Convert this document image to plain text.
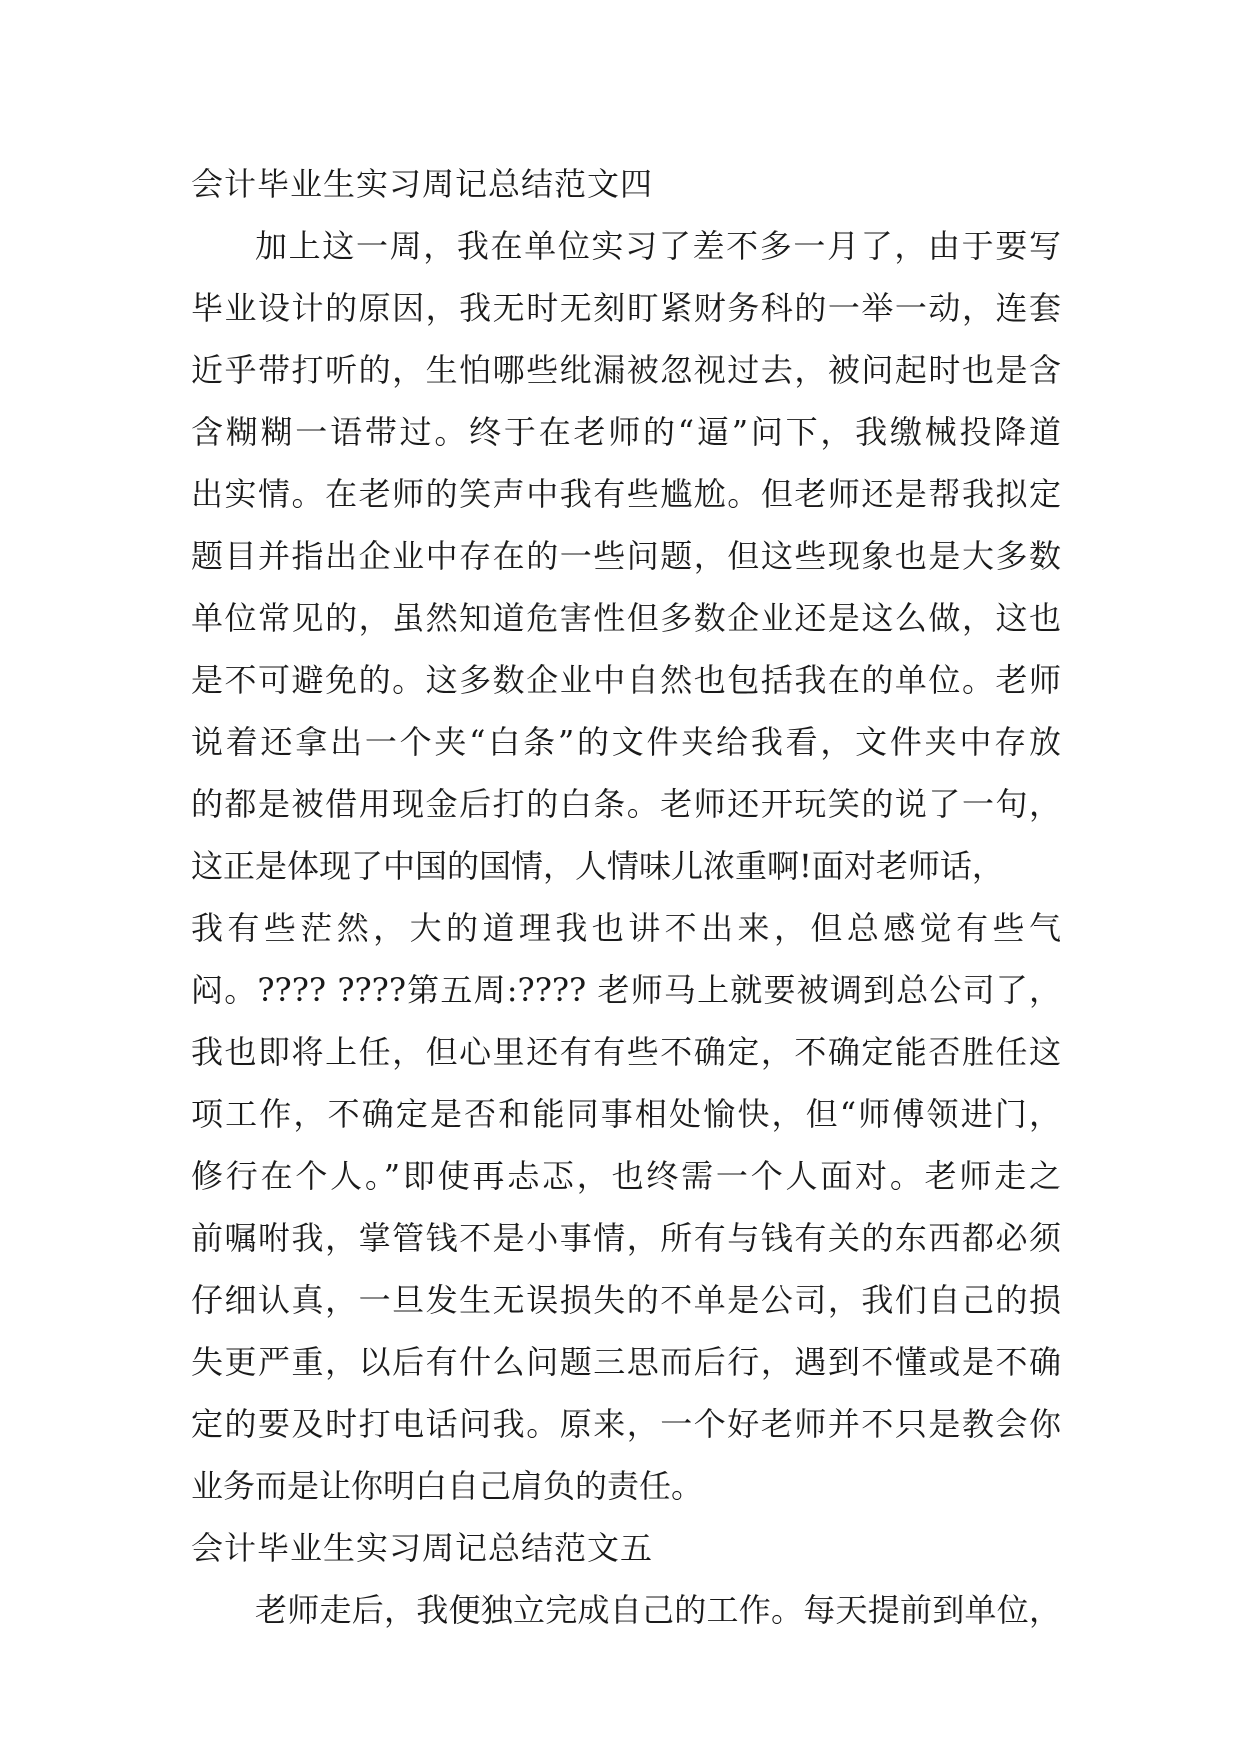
会计毕业生实习周记总结范文四
加上这一周，我在单位实习了差不多一月了，由于要写
毕业设计的原因，我无时无刻盯紧财务科的一举一动，连套
近乎带打听的，生怕哪些纰漏被忽视过去，被问起时也是含
含糊糊一语带过。终于在老师的“逼”问下，我缴械投降道
出实情。在老师的笑声中我有些尴尬。但老师还是帮我拟定
题目并指出企业中存在的一些问题，但这些现象也是大多数
单位常见的，虽然知道危害性但多数企业还是这么做，这也
是不可避免的。这多数企业中自然也包括我在的单位。老师
说着还拿出一个夹“白条”的文件夹给我看，文件夹中存放
的都是被借用现金后打的白条。老师还开玩笑的说了一句，
这正是体现了中国的国情，人情味儿浓重啊!面对老师话，
我有些茫然，大的道理我也讲不出来，但总感觉有些气
闷。???? ????第五周:???? 老师马上就要被调到总公司了，
我也即将上任，但心里还有有些不确定，不确定能否胜任这
项工作，不确定是否和能同事相处愉快，但“师傅领进门，
修行在个人。”即使再忐忑，也终需一个人面对。老师走之
前嘱咐我，掌管钱不是小事情，所有与钱有关的东西都必须
仔细认真，一旦发生无误损失的不单是公司，我们自己的损
失更严重，以后有什么问题三思而后行，遇到不懂或是不确
定的要及时打电话问我。原来，一个好老师并不只是教会你
业务而是让你明白自己肩负的责任。
会计毕业生实习周记总结范文五
老师走后，我便独立完成自己的工作。每天提前到单位，
